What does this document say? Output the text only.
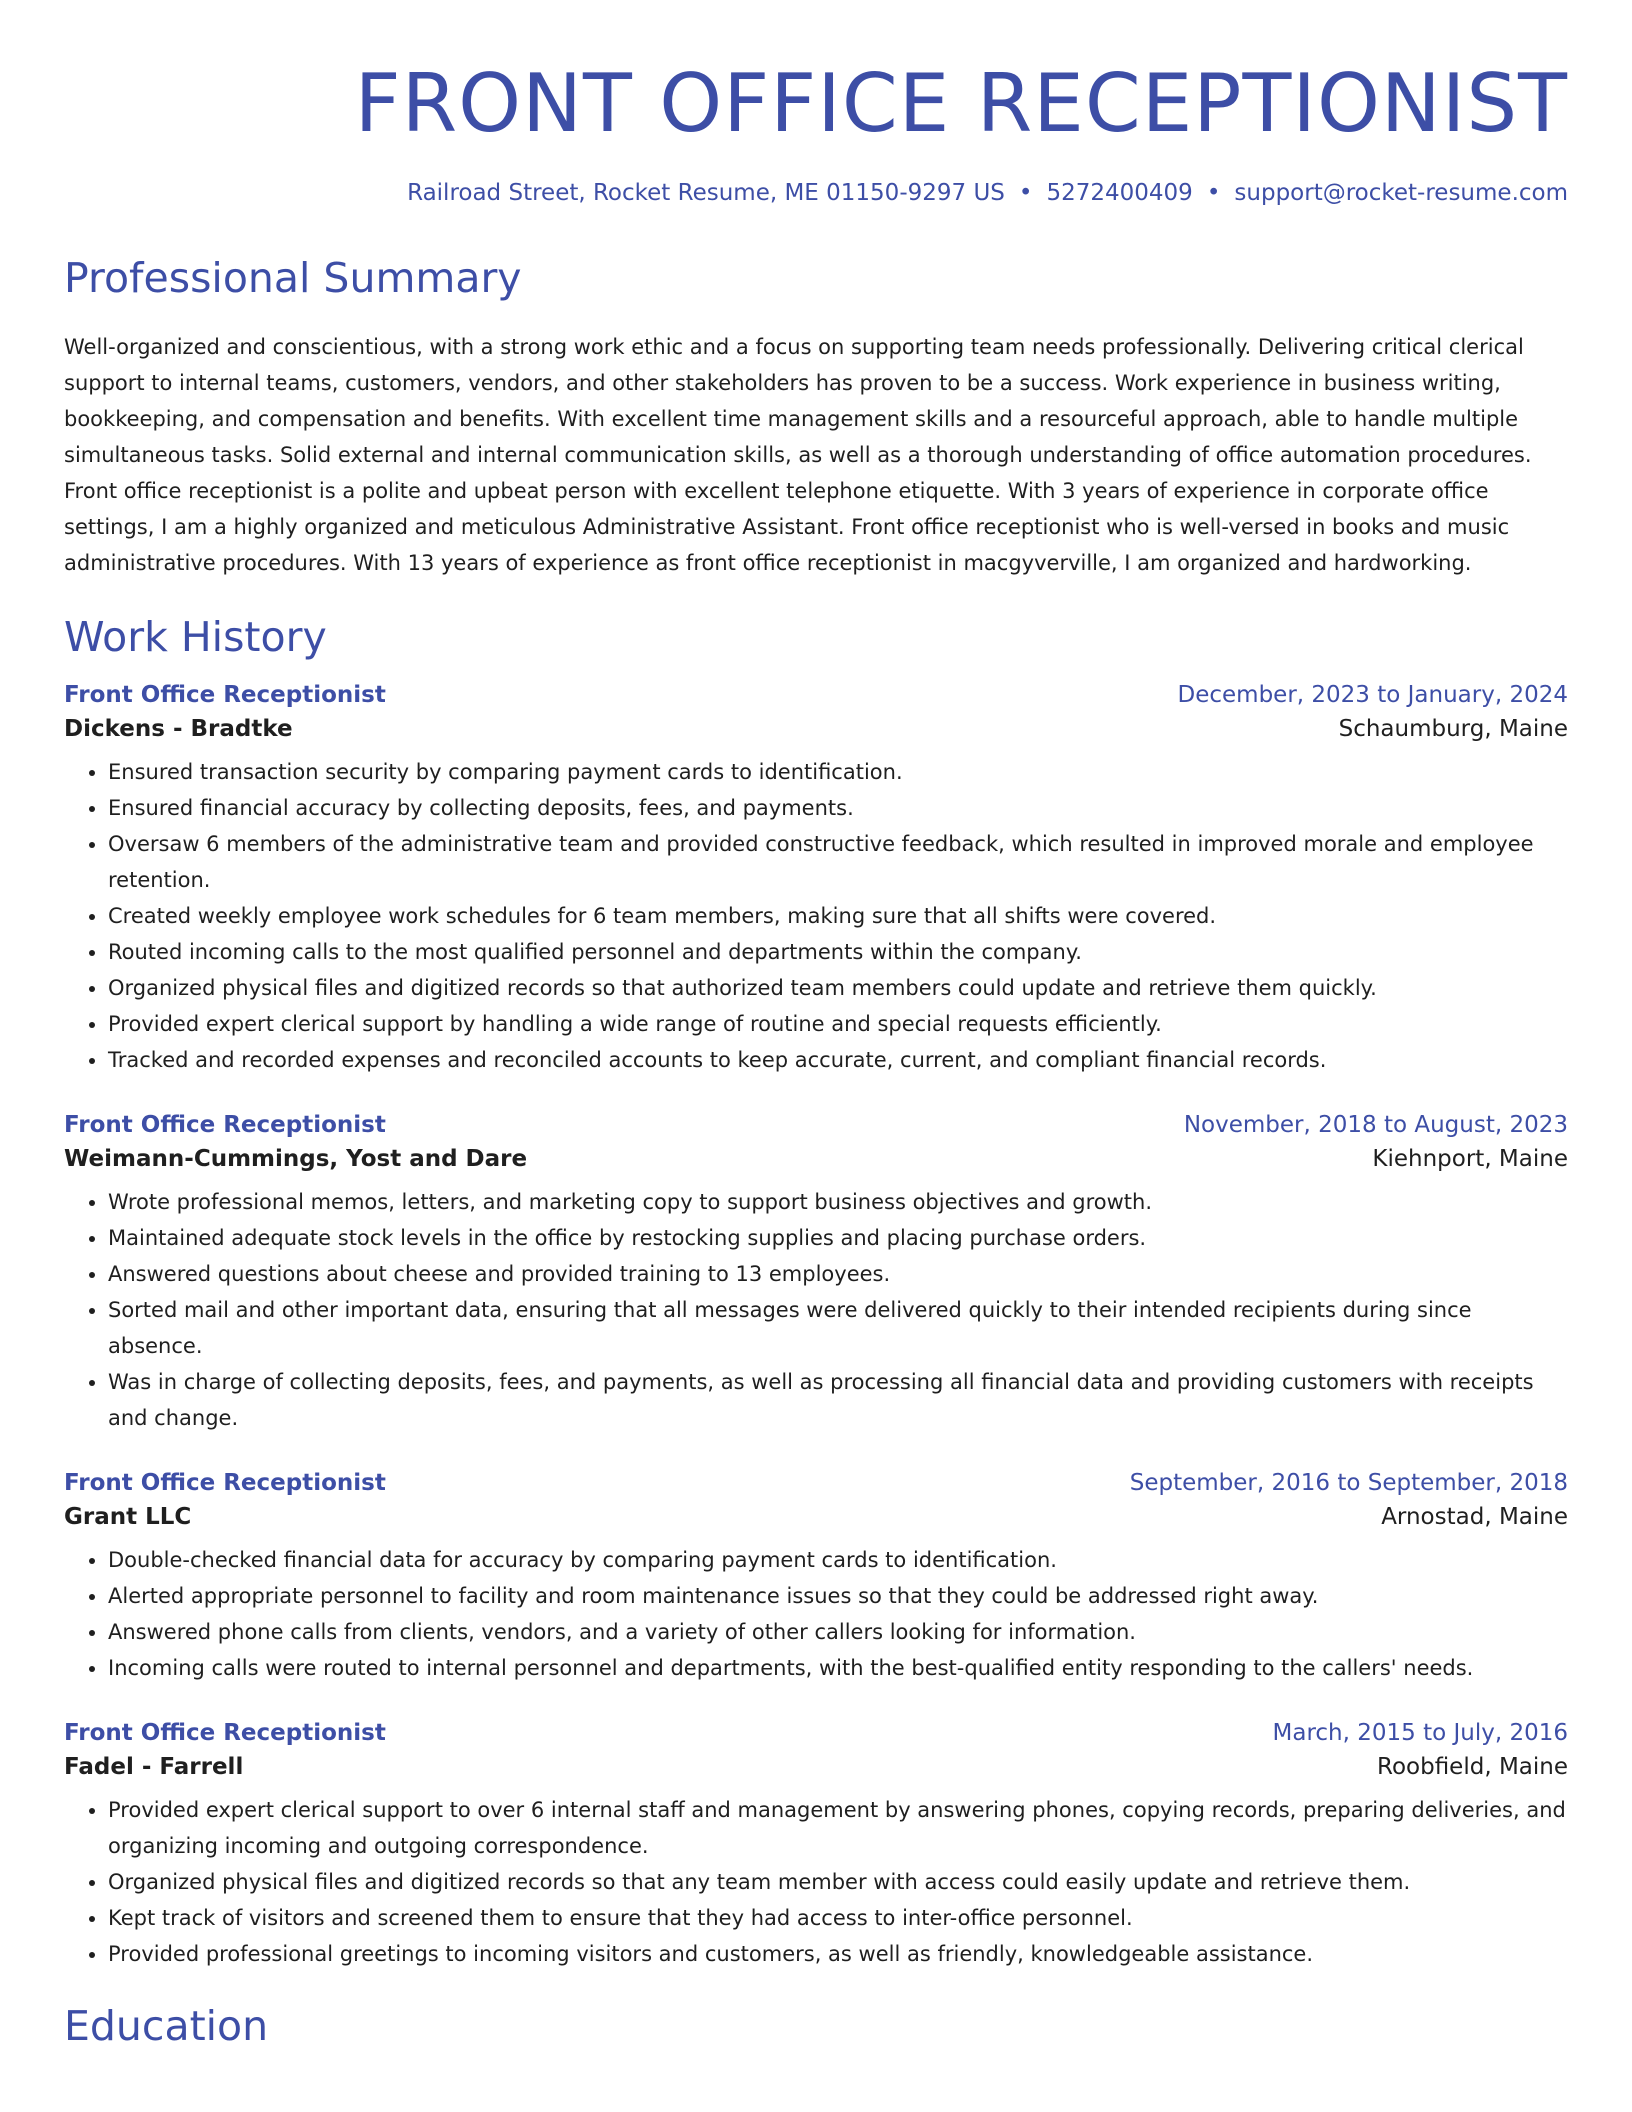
FRONT OFFICE RECEPTIONIST
Railroad Street, Rocket Resume, ME 01150-9297 US • 5272400409 • support@rocket-resume.com
Professional Summary

Well-organized and conscientious, with a strong work ethic and a focus on supporting team needs professionally. Delivering critical clerical support to internal teams, customers, vendors, and other stakeholders has proven to be a success. Work experience in business writing, bookkeeping, and compensation and benefits. With excellent time management skills and a resourceful approach, able to handle multiple simultaneous tasks. Solid external and internal communication skills, as well as a thorough understanding of office automation procedures. Front office receptionist is a polite and upbeat person with excellent telephone etiquette. With 3 years of experience in corporate office settings, I am a highly organized and meticulous Administrative Assistant. Front office receptionist who is well-versed in books and music administrative procedures. With 13 years of experience as front office receptionist in macgyverville, I am organized and hardworking.

Work History
Front Office Receptionist	December, 2023 to January, 2024
Dickens - Bradtke	Schaumburg, Maine
• Ensured transaction security by comparing payment cards to identification.
• Ensured financial accuracy by collecting deposits, fees, and payments.
• Oversaw 6 members of the administrative team and provided constructive feedback, which resulted in improved morale and employee retention.
• Created weekly employee work schedules for 6 team members, making sure that all shifts were covered.
• Routed incoming calls to the most qualified personnel and departments within the company.
• Organized physical files and digitized records so that authorized team members could update and retrieve them quickly.
• Provided expert clerical support by handling a wide range of routine and special requests efficiently.
• Tracked and recorded expenses and reconciled accounts to keep accurate, current, and compliant financial records.
Front Office Receptionist	November, 2018 to August, 2023
Weimann-Cummings, Yost and Dare	Kiehnport, Maine
• Wrote professional memos, letters, and marketing copy to support business objectives and growth.
• Maintained adequate stock levels in the office by restocking supplies and placing purchase orders.
• Answered questions about cheese and provided training to 13 employees.
• Sorted mail and other important data, ensuring that all messages were delivered quickly to their intended recipients during since absence.
• Was in charge of collecting deposits, fees, and payments, as well as processing all financial data and providing customers with receipts and change.
Front Office Receptionist	September, 2016 to September, 2018
Grant LLC	Arnostad, Maine
• Double-checked financial data for accuracy by comparing payment cards to identification.
• Alerted appropriate personnel to facility and room maintenance issues so that they could be addressed right away.
• Answered phone calls from clients, vendors, and a variety of other callers looking for information.
• Incoming calls were routed to internal personnel and departments, with the best-qualified entity responding to the callers' needs.
Front Office Receptionist	March, 2015 to July, 2016
Fadel - Farrell	Roobfield, Maine
• Provided expert clerical support to over 6 internal staff and management by answering phones, copying records, preparing deliveries, and organizing incoming and outgoing correspondence.
• Organized physical files and digitized records so that any team member with access could easily update and retrieve them.
• Kept track of visitors and screened them to ensure that they had access to inter-office personnel.
• Provided professional greetings to incoming visitors and customers, as well as friendly, knowledgeable assistance.
Education
